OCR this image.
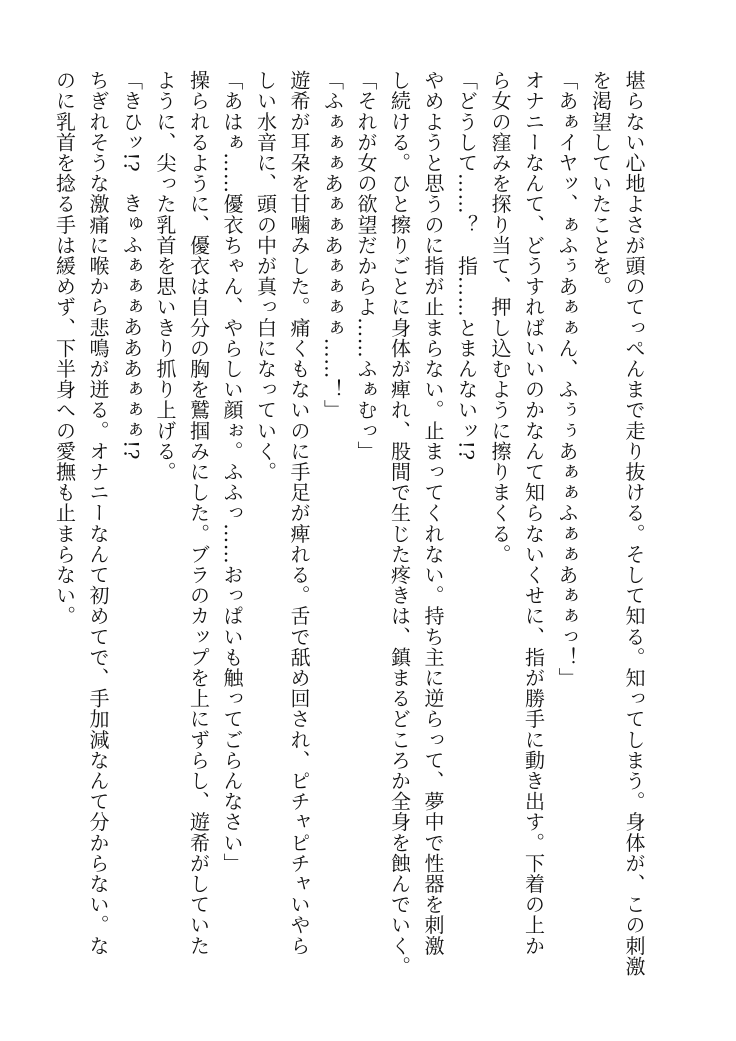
堪らない心地よさが頭のてっぺんまで走り抜ける。そして知る。知ってしまう。身体が、この刺激

を渇望していたことを。

「あぁイヤッ、ぁふぅあぁぁん、ふぅぅあぁぁふぁぁあぁぁっ！」

オナニーなんて、どうすればいいのかなんて知らないくせに、指が勝手に動き出す。下着の上か

ら女の窪みを探り当て、押し込むように擦りまくる。

「どうして……？　指……とまんないッ!?

やめようと思うのに指が止まらない。止まってくれない。持ち主に逆らって、夢中で性器を刺激

し続ける。ひと擦りごとに身体が痺れ、股間で生じた疼きは、鎮まるどころか全身を蝕んでいく。

「それが女の欲望だからよ……ふぁむっ」

「ふぁぁぁあぁぁあぁぁぁぁ……！」

遊希が耳朶を甘噛みした。痛くもないのに手足が痺れる。舌で舐め回され、ピチャピチャいやら

しい水音に、頭の中が真っ白になっていく。

「あはぁ……優衣ちゃん、やらしい顔ぉ。ふふっ……おっぱいも触ってごらんなさい」

操られるように、優衣は自分の胸を鷲掴みにした。ブラのカップを上にずらし、遊希がしていた

ように、尖った乳首を思いきり抓り上げる。

「きひッ!?　きゅふぁぁぁあああぁぁぁ!?

ちぎれそうな激痛に喉から悲鳴が迸る。オナニーなんて初めてで、手加減なんて分からない。な

のに乳首を捻る手は緩めず、下半身への愛撫も止まらない。
